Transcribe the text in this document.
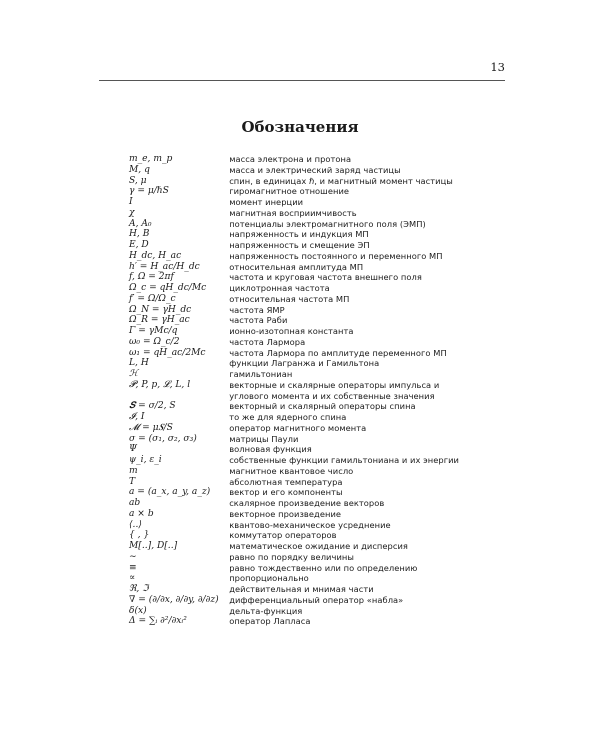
13
Обозначения
m_e, m_p	масса электрона и протона
M, q	масса и электрический заряд частицы
S, μ	спин, в единицах ℏ, и магнитный момент частицы
γ = μ/ℏS	гиромагнитное отношение
I	момент инерции
χ	магнитная восприимчивость
A, A₀	потенциалы электромагнитного поля (ЭМП)
H, B	напряженность и индукция МП
E, D	напряженность и смещение ЭП
H_dc, H_ac	напряженность постоянного и переменного МП
h′ = H_ac/H_dc	относительная амплитуда МП
f, Ω = 2πf	частота и круговая частота внешнего поля
Ω_c = qH_dc/Mc	циклотронная частота
f′ = Ω/Ω_c	относительная частота МП
Ω_N = γH_dc	частота ЯМР
Ω_R = γH_ac	частота Раби
Γ = γMc/q	ионно-изотопная константа
ω₀ = Ω_c/2	частота Лармора
ω₁ = qH_ac/2Mc	частота Лармора по амплитуде переменного МП
L, H	функции Лагранжа и Гамильтона
ℋ	гамильтониан
𝓟, P, p, 𝓛, L, l	векторные и скалярные операторы импульса и углового момента и их собственные значения
𝑺 = σ/2, S	векторный и скалярный операторы спина
𝓘, I	то же для ядерного спина
𝓜 = μ𝑺/S	оператор магнитного момента
σ = (σ₁, σ₂, σ₃)	матрицы Паули
Ψ	волновая функция
ψ_i, ε_i	собственные функции гамильтониана и их энергии
m	магнитное квантовое число
T	абсолютная температура
a = (a_x, a_y, a_z)	вектор и его компоненты
ab	скалярное произведение векторов
a × b	векторное произведение
⟨..⟩	квантово-механическое усреднение
{ , }	коммутатор операторов
M[..], D[..]	математическое ожидание и дисперсия
∼	равно по порядку величины
≡	равно тождественно или по определению
∝	пропорционально
ℜ, ℑ	действительная и мнимая части
∇ = (∂/∂x, ∂/∂y, ∂/∂z)	дифференциальный оператор «набла»
δ(x)	дельта-функция
Δ = ∑ᵢ ∂²/∂xᵢ²	оператор Лапласа
